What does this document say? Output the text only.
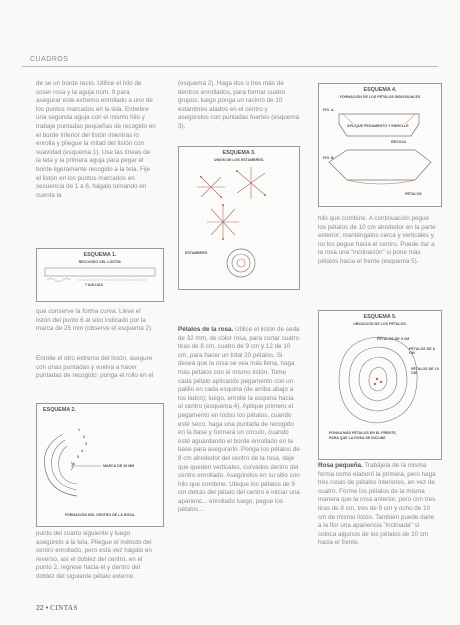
CUADROS

de se un borde recto. Utilice el hilo de coser rosa y la aguja núm. 9 para asegurar este extremo enrollado a uno de los puntos marcados en la tela. Enhebre una segunda aguja con el mismo hilo y trabaje puntadas pequeñas de recogido en el borde inferior del listón mientras lo enrolla y pliegue la mitad del listón con suavidad (esquema 1). Use las líneas de la tela y la primera aguja para pegar el borde ligeramente recogido a la tela. Fije el listón en los puntos marcados en secuencia de 1 a 6, hágalo tomando en cuenta la

ESQUEMA 1.
RECOGIDO DEL LISTÓN.
7 AGUJAS

que conserve la forma curva. Lleve el listón del punto 6 al sitio indicado por la marca de 25 mm (observe el esquema 2).

Enrolle el otro extremo del listón, asegure con unas puntadas y vuelva a hacer puntadas de recogido; ponga el rollo en el

ESQUEMA 2.
1
2
3
4
5
6	MARCA DE 25 MM
FORMACIÓN DEL CENTRO DE LA ROSA.

punto del cuarto siguiente y luego asegúrelo a la tela. Pliegue el método del centro enrollado, pero esta vez hágalo en reverso, así el doblez del centro, en el punto 2, regrese hacia el y dentro del doblez del siguiente pétalo externo

(esquema 2). Haga dos o tres más de dentros enrollados, para formar cuatro grupos, luego ponga un racimo de 10 estambres atados en el centro y asegúrelos con puntadas fuertes (esquema 3).

ESQUEMA 3.
UNIÓN DE LOS ESTAMBRES.
ESTAMBRES

Pétalos de la rosa. Utilice el listón de seda de 32 mm, de color rosa, para cortar cuatro tiras de 8 cm, cuatro de 9 cm y 12 de 10 cm, para hacer un total 20 pétalos. Si desea que la rosa se vea más llena, haga más pétalos con el mismo listón. Tome cada pétalo aplicando pegamento con un palillo en cada esquina (de arriba abajo a los lados); luego, enrolle la esquina hacia el centro (esquema 4). Aplique primero el pegamento en todos los pétalos, cuando esté seco, haga una puntada de recogido en la base y formará un círculo, cuando esté aguardando el borde enrollado en la base para asegurarlo. Ponga los pétalos de 8 cm alrededor del centro de la rosa, deje que queden verticales, curvados dentro del centro enrollado. Asegúrelos en su sitio con hilo que combine. Ubique los pétalos de 9 cm detrás del pétalo del centro e iniciar una aparienc... enrollado luego, pegue los pétalos...

ESQUEMA 4.
FORMACIÓN DE LOS PÉTALOS INDIVIDUALES
FIG. A.
APLIQUE PEGAMENTO Y ENROLLE
RECOJA
FIG. B.
PÉTALOS

hilo que combine. A continuación pegue los pétalos de 10 cm alrededor en la parte exterior; manténgalos cerca y verticales y no los pegue hacia el centro. Puede dar a la rosa una "inclinación" si pone más pétalos hacia el frente (esquema 5).

ESQUEMA 5.
UBICACIÓN DE LOS PÉTALOS.
PÉTALOS DE 9 CM
PÉTALOS DE 8 CM
PÉTALOS DE 10 CM
PONGA MÁS PÉTALOS EN EL FRENTE, PARA QUE LA ROSA SE INCLINE

Rosa pequeña. Trabájela de la misma forma como elaboró la primera, pero haga tres rosas de pétalos interiores, en vez de cuatro. Forme los pétalos de la misma manera que la rosa anterior, pero con tres tiras de 8 cm, tres de 9 cm y ocho de 10 cm de mismo listón. También puede darle a la flor una apariencia "inclinada" si coloca algunos de los pétalos de 10 cm hacia el frente.

22 • CINTAS
